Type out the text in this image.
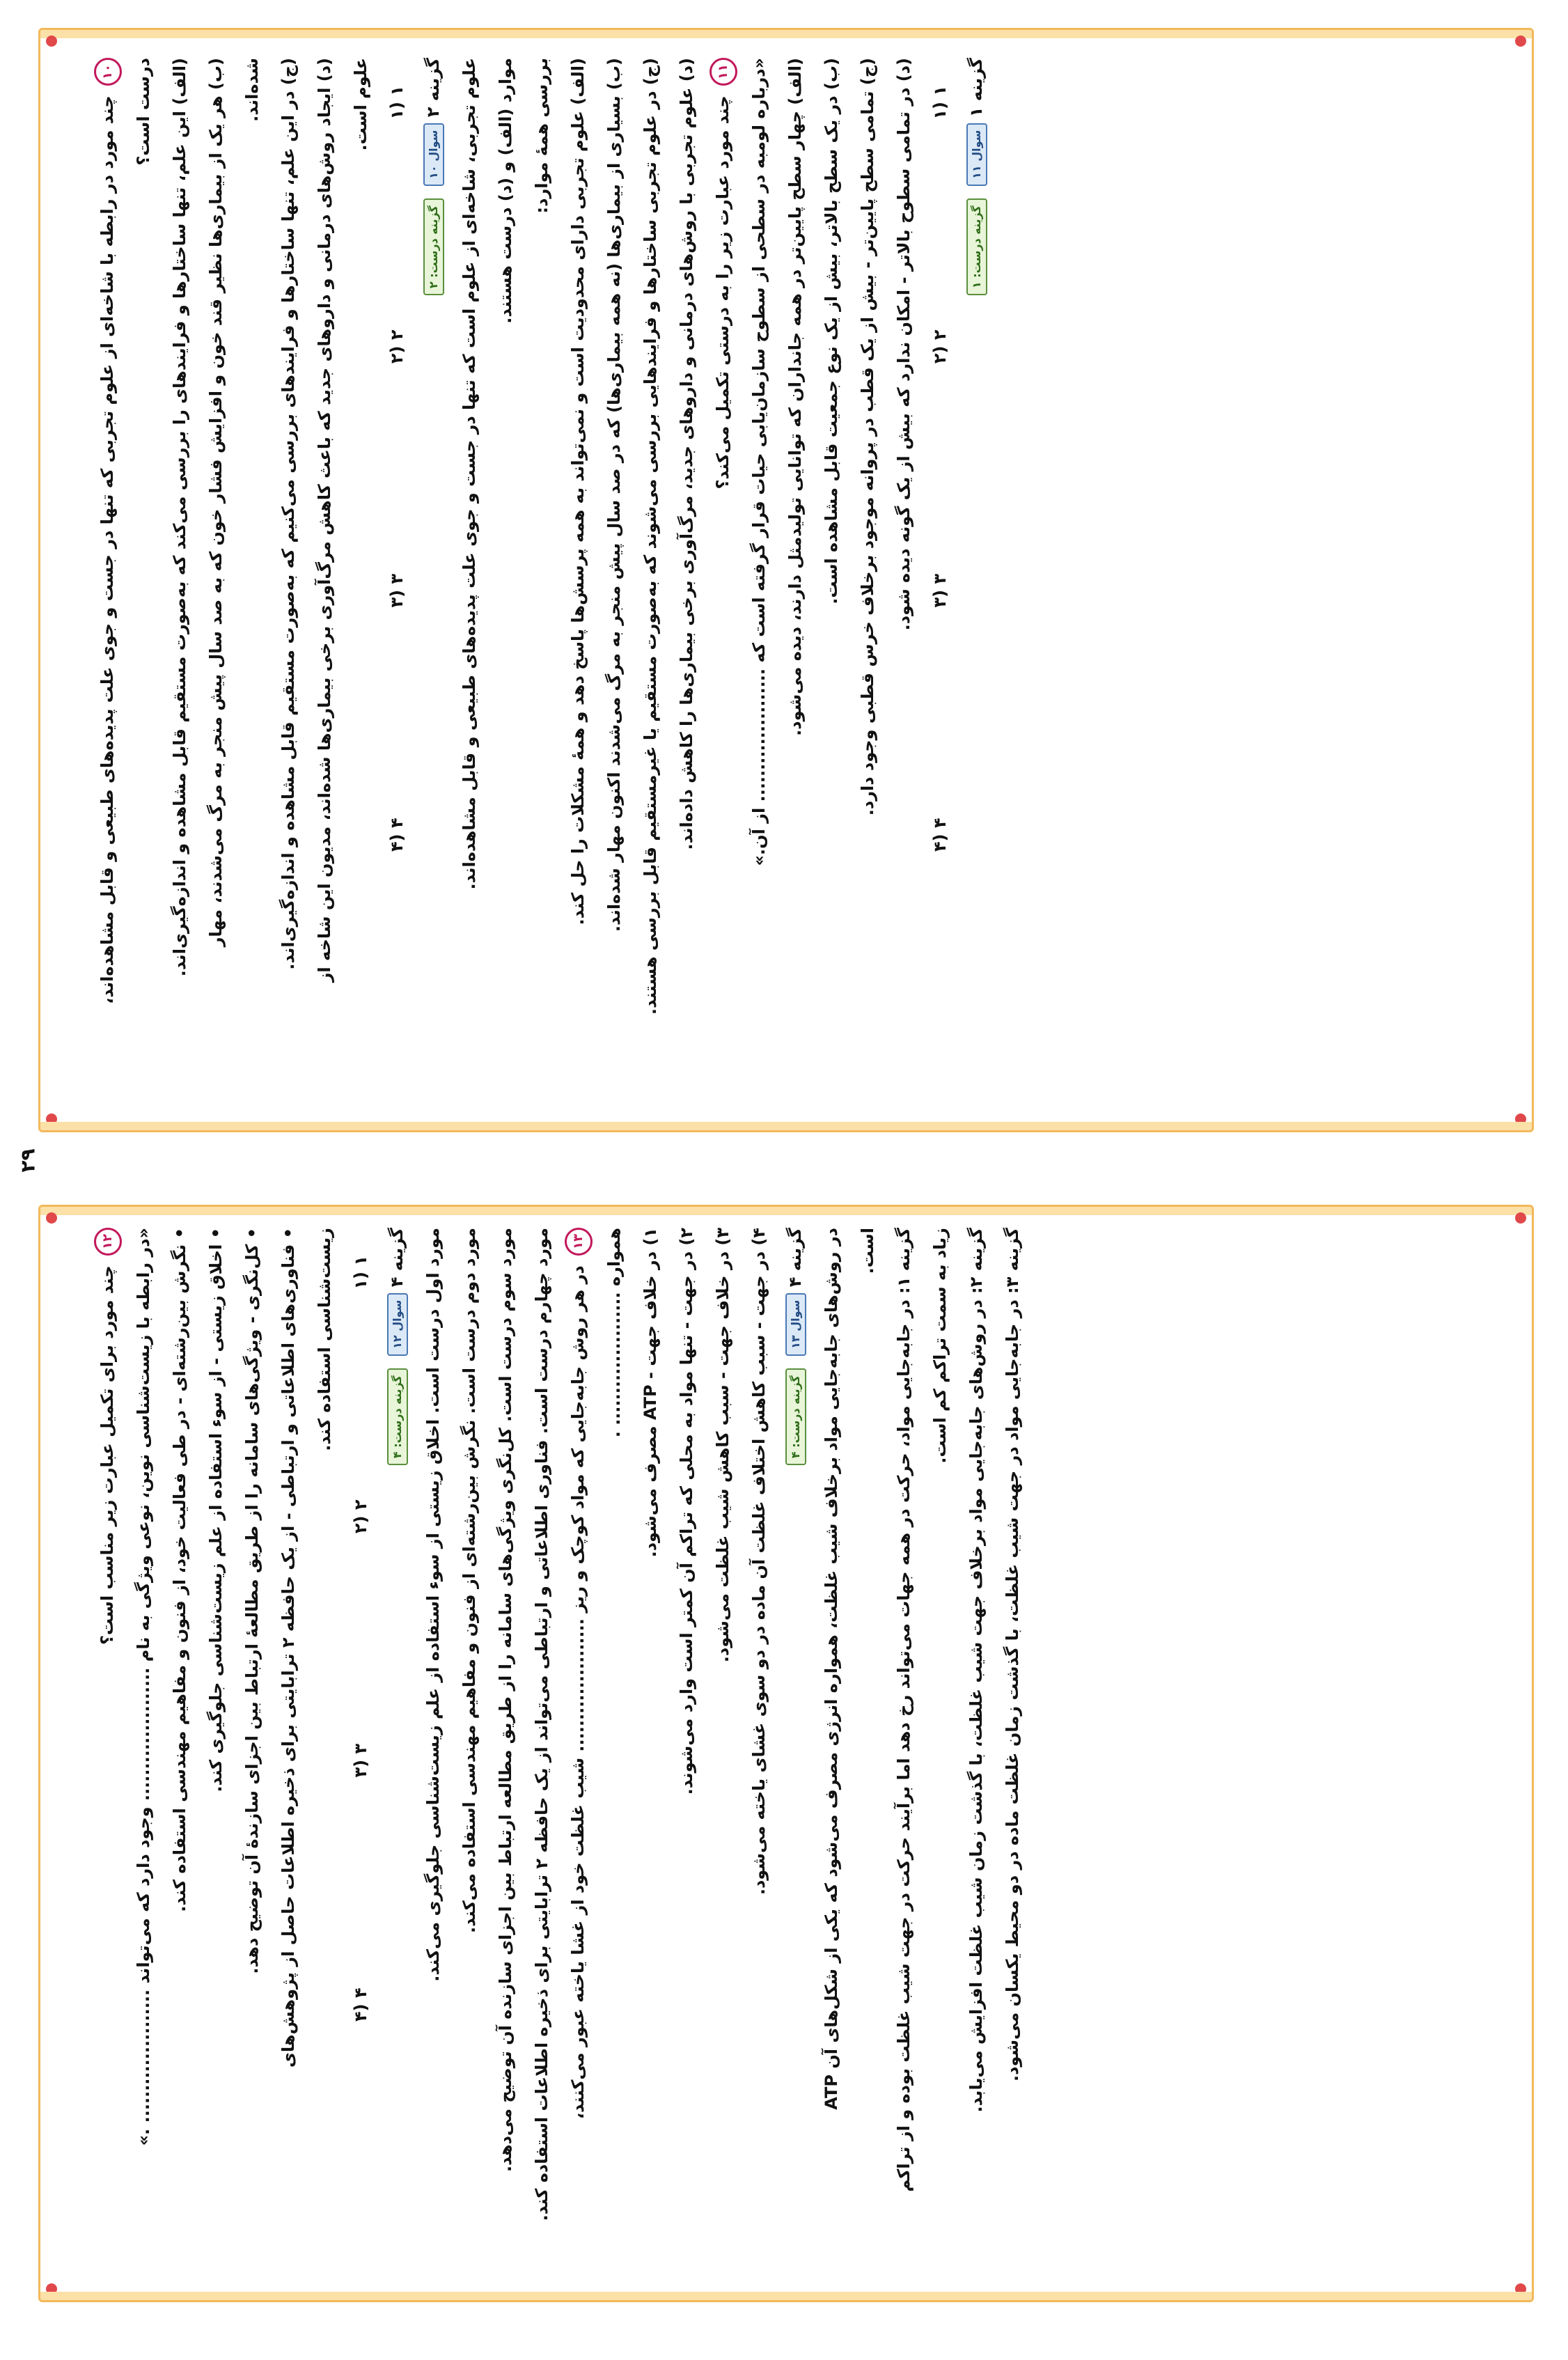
۱۰ چند مورد در رابطه با شاخه‌ای از علوم تجربی که تنها در جست و جوی علت پدیده‌های طبیعی و قابل مشاهده‌اند،	درست است؟	(الف) این علم، تنها ساختارها و فرایندهای را بررسی می‌کند که به‌صورت مستقیم قابل مشاهده و اندازه‌گیری‌اند.	(ب) هر یک از بیماری‌ها نظیر قند خون و افزایش فشار خون که به صد سال پیش منجر به مرگ می‌شدند، مهار	شده‌اند.	(ج) در این علم، تنها ساختارها و فرایندهای بررسی می‌کنیم که به‌صورت مستقیم قابل مشاهده و اندازه‌گیری‌اند.	(د) ایجاد روش‌های درمانی و داروهای جدید که باعث کاهش مرگ‌آوری برخی بیماری‌ها شده‌اند، مدیون این شاخه از	علوم است.	۱ (۱
۲ (۲
۳ (۳
۴ (۴
گزینه ۲ سوال ۱۰ گزینه درست: ۲	علوم تجربی، شاخه‌ای از علوم است که تنها در جست و جوی علت پدیده‌های طبیعی و قابل مشاهده‌اند.	موارد (الف) و (د) درست هستند.	بررسی همهٔ موارد:	(الف) علوم تجربی دارای محدودیت است و نمی‌تواند به همه پرسش‌ها پاسخ دهد و همهٔ مشکلات را حل کند.	(ب) بسیاری از بیماری‌ها (نه همه بیماری‌ها) که در صد سال پیش منجر به مرگ می‌شدند اکنون مهار شده‌اند.	(ج) در علوم تجربی ساختارها و فرایندهایی بررسی می‌شوند که به‌صورت مستقیم یا غیرمستقیم قابل بررسی هستند.	(د) علوم تجربی با روش‌های درمانی و داروهای جدید، مرگ‌آوری برخی بیماری‌ها را کاهش داده‌اند.	۱۱ چند مورد عبارت زیر را به درستی تکمیل می‌کند؟	«درباره لومبه در سطحی از سطوح سازمان‌یابی حیات قرار گرفته است که ..................... از آن.»	(الف) چهار سطح پایین‌تر در همه جانداران که توانایی تولیدمثل دارند، دیده می‌شود.	(ب) در یک سطح بالاتر، بیش از یک نوع جمعیت قابل مشاهده است.	(ج) تمامی سطح پایین‌تر - بیش از یک قطب در پروانه موجود برخلاف خرس قطبی وجود دارد.	(د) در تمامی سطوح بالاتر - امکان ندارد که بیش از یک گونه دیده شود.	۱ (۱
۲ (۲
۳ (۳
۴ (۴
گزینه ۱ سوال ۱۱ گزینه درست: ۱
۲۹
۱۲ چند مورد برای تکمیل عبارت زیر مناسب است؟	«در رابطه با زیست‌شناسی نوین، نوعی ویژگی به نام ..................... وجود دارد که می‌تواند ..................... .»	• نگرش بین‌رشته‌ای - در طی فعالیت خود، از فنون و مفاهیم مهندسی استفاده کند.	• اخلاق زیستی - از سوء استفاده از علم زیست‌شناسی جلوگیری کند.	• کل‌نگری - ویژگی‌های سامانه را از طریق مطالعهٔ ارتباط بین اجزای سازندهٔ آن توضیح دهد.	• فناوری‌های اطلاعاتی و ارتباطی - از یک حافظه ۲ ترابایتی برای ذخیره اطلاعات حاصل از پژوهش‌های	زیست‌شناسی استفاده کند.	۱ (۱
۲ (۲
۳ (۳
۴ (۴
گزینه ۴ سوال ۱۲ گزینه درست: ۴	مورد اول درست است. اخلاق زیستی از سوء استفاده از علم زیست‌شناسی جلوگیری می‌کند.	مورد دوم درست است. نگرش بین‌رشته‌ای از فنون و مفاهیم مهندسی استفاده می‌کند.	مورد سوم درست است. کل‌نگری ویژگی‌های سامانه را از طریق مطالعه ارتباط بین اجزای سازنده آن توضیح می‌دهد.	مورد چهارم درست است. فناوری اطلاعاتی و ارتباطی می‌تواند از یک حافظه ۲ ترابایتی برای ذخیره اطلاعات استفاده کند.	۱۳ در هر روش جابه‌جایی که مواد کوچک و ریز ..................... شیب غلظت خود از غشا یاخته عبور می‌کنند،	همواره ..................... .
۱) در خلاف جهت - ATP مصرف می‌شود.
۲) در جهت - تنها مواد به محلی که تراکم آن کمتر است وارد می‌شوند.
۳) در خلاف جهت - سبب کاهش شیب غلظت می‌شود.
۴) در جهت - سبب کاهش اختلاف غلظت آن ماده در دو سوی غشای یاخته می‌شود.
گزینه ۴ سوال ۱۳ گزینه درست: ۴
در روش‌های جابه‌جایی مواد برخلاف شیب غلظت، همواره انرژی مصرف می‌شود که یکی از شکل‌های آن ATP	است.
گزینه ۱: در جابه‌جایی مواد، حرکت در همه جهات می‌تواند رخ دهد اما برآیند حرکت در جهت شیب غلظت بوده و از تراکم	زیاد به سمت تراکم کم است.	گزینه ۲: در روش‌های جابه‌جایی مواد برخلاف جهت شیب غلظت، با گذشت زمان شیب غلظت افزایش می‌یابد.
گزینه ۳: در جابه‌جایی مواد در جهت شیب غلظت، با گذشت زمان غلظت ماده در دو محیط یکسان می‌شود.
